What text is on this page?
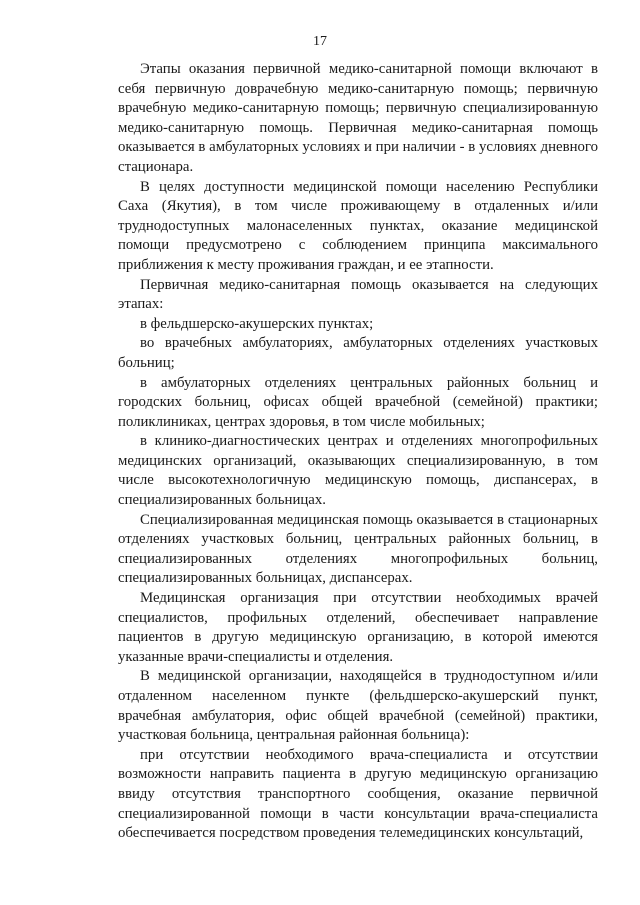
17

Этапы оказания первичной медико-санитарной помощи включают в себя первичную доврачебную медико-санитарную помощь; первичную врачебную медико-санитарную помощь; первичную специализированную медико-санитарную помощь. Первичная медико-санитарная помощь оказывается в амбулаторных условиях и при наличии - в условиях дневного стационара.

В целях доступности медицинской помощи населению Республики Саха (Якутия), в том числе проживающему в отдаленных и/или труднодоступных малонаселенных пунктах, оказание медицинской помощи предусмотрено с соблюдением принципа максимального приближения к месту проживания граждан, и ее этапности.

Первичная медико-санитарная помощь оказывается на следующих этапах:

в фельдшерско-акушерских пунктах;

во врачебных амбулаториях, амбулаторных отделениях участковых больниц;

в амбулаторных отделениях центральных районных больниц и городских больниц, офисах общей врачебной (семейной) практики; поликлиниках, центрах здоровья, в том числе мобильных;

в клинико-диагностических центрах и отделениях многопрофильных медицинских организаций, оказывающих специализированную, в том числе высокотехнологичную медицинскую помощь, диспансерах, в специализированных больницах.

Специализированная медицинская помощь оказывается в стационарных отделениях участковых больниц, центральных районных больниц, в специализированных отделениях многопрофильных больниц, специализированных больницах, диспансерах.

Медицинская организация при отсутствии необходимых врачей специалистов, профильных отделений, обеспечивает направление пациентов в другую медицинскую организацию, в которой имеются указанные врачи-специалисты и отделения.

В медицинской организации, находящейся в труднодоступном и/или отдаленном населенном пункте (фельдшерско-акушерский пункт, врачебная амбулатория, офис общей врачебной (семейной) практики, участковая больница, центральная районная больница):

при отсутствии необходимого врача-специалиста и отсутствии возможности направить пациента в другую медицинскую организацию ввиду отсутствия транспортного сообщения, оказание первичной специализированной помощи в части консультации врача-специалиста обеспечивается посредством проведения телемедицинских консультаций,
